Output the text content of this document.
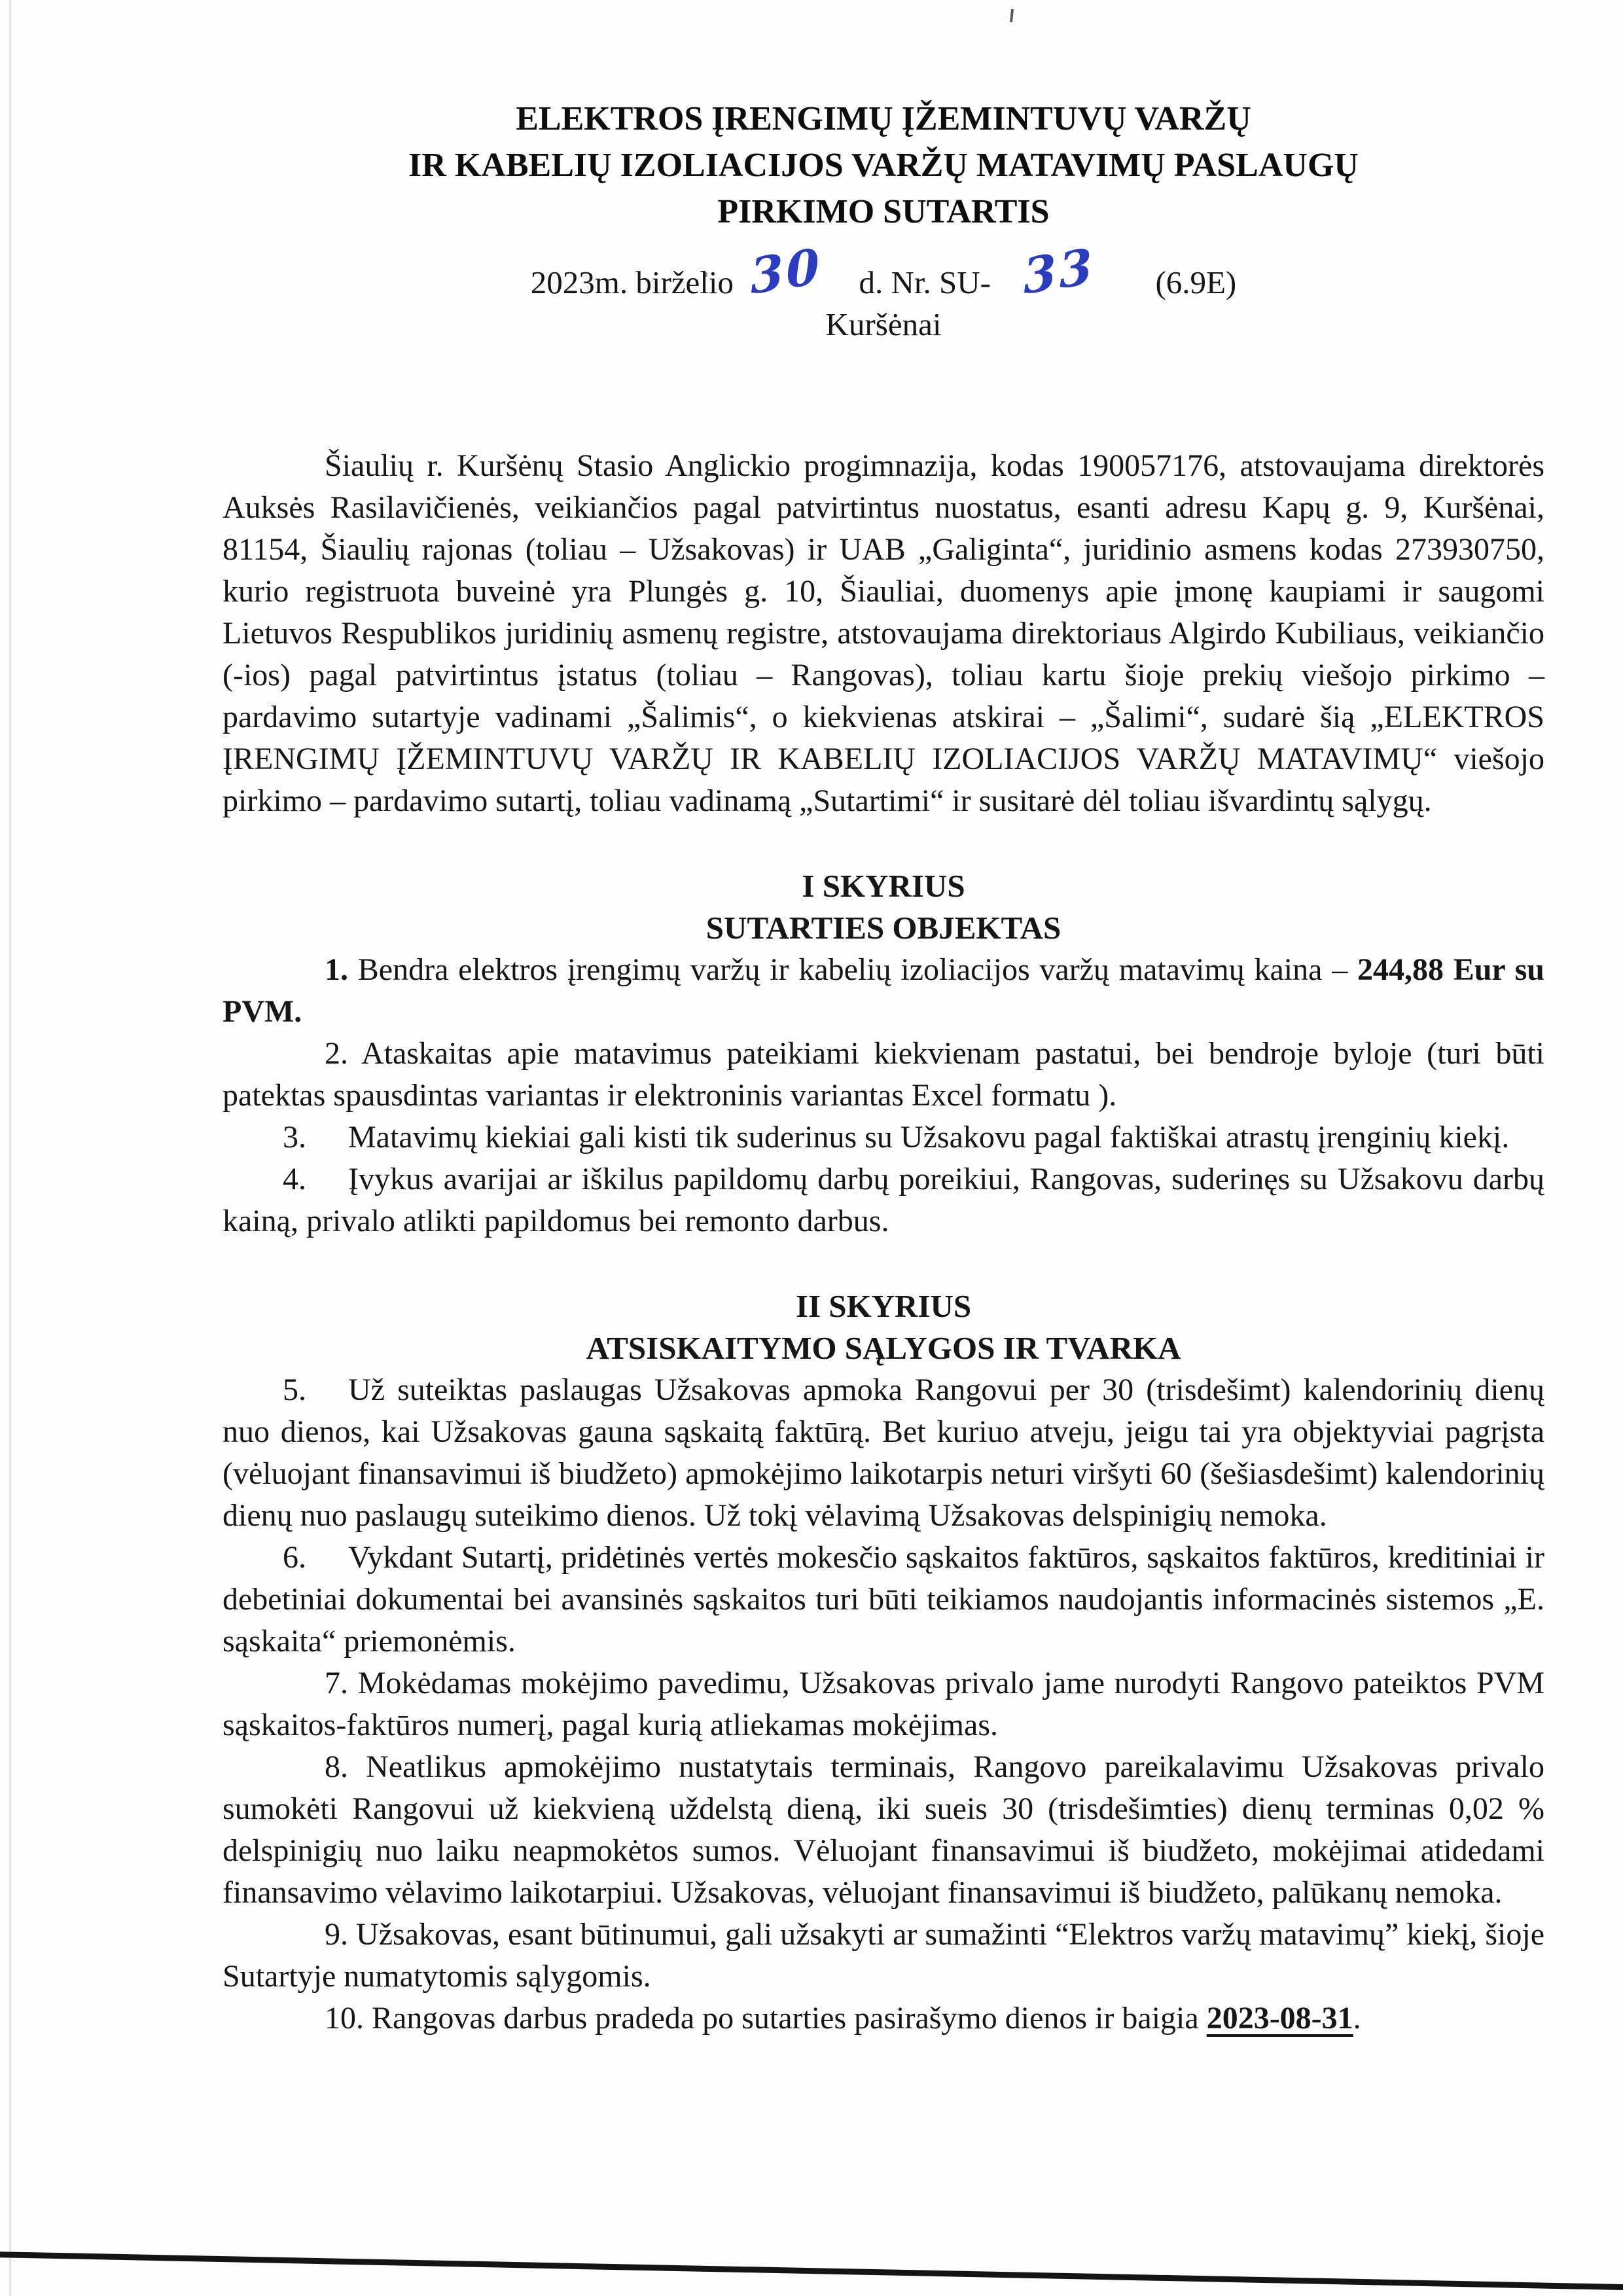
ELEKTROS ĮRENGIMŲ ĮŽEMINTUVŲ VARŽŲ
IR KABELIŲ IZOLIACIJOS VARŽŲ MATAVIMŲ PASLAUGŲ
PIRKIMO SUTARTIS
2023m. birželio 30 d. Nr. SU- 33 (6.9E)
Kuršėnai

Šiaulių r. Kuršėnų Stasio Anglickio progimnazija, kodas 190057176, atstovaujama direktorės Auksės Rasilavičienės, veikiančios pagal patvirtintus nuostatus, esanti adresu Kapų g. 9, Kuršėnai, 81154, Šiaulių rajonas (toliau – Užsakovas) ir UAB „Galiginta“, juridinio asmens kodas 273930750, kurio registruota buveinė yra Plungės g. 10, Šiauliai, duomenys apie įmonę kaupiami ir saugomi Lietuvos Respublikos juridinių asmenų registre, atstovaujama direktoriaus Algirdo Kubiliaus, veikiančio (-ios) pagal patvirtintus įstatus (toliau – Rangovas), toliau kartu šioje prekių viešojo pirkimo – pardavimo sutartyje vadinami „Šalimis“, o kiekvienas atskirai – „Šalimi“, sudarė šią „ELEKTROS ĮRENGIMŲ ĮŽEMINTUVŲ VARŽŲ IR KABELIŲ IZOLIACIJOS VARŽŲ MATAVIMŲ“ viešojo pirkimo – pardavimo sutartį, toliau vadinamą „Sutartimi“ ir susitarė dėl toliau išvardintų sąlygų.

I SKYRIUS
SUTARTIES OBJEKTAS

1. Bendra elektros įrengimų varžų ir kabelių izoliacijos varžų matavimų kaina – 244,88 Eur su PVM.

2. Ataskaitas apie matavimus pateikiami kiekvienam pastatui, bei bendroje byloje (turi būti patektas spausdintas variantas ir elektroninis variantas Excel formatu ).

3. Matavimų kiekiai gali kisti tik suderinus su Užsakovu pagal faktiškai atrastų įrenginių kiekį.

4. Įvykus avarijai ar iškilus papildomų darbų poreikiui, Rangovas, suderinęs su Užsakovu darbų kainą, privalo atlikti papildomus bei remonto darbus.

II SKYRIUS
ATSISKAITYMO SĄLYGOS IR TVARKA

5. Už suteiktas paslaugas Užsakovas apmoka Rangovui per 30 (trisdešimt) kalendorinių dienų nuo dienos, kai Užsakovas gauna sąskaitą faktūrą. Bet kuriuo atveju, jeigu tai yra objektyviai pagrįsta (vėluojant finansavimui iš biudžeto) apmokėjimo laikotarpis neturi viršyti 60 (šešiasdešimt) kalendorinių dienų nuo paslaugų suteikimo dienos. Už tokį vėlavimą Užsakovas delspinigių nemoka.

6. Vykdant Sutartį, pridėtinės vertės mokesčio sąskaitos faktūros, sąskaitos faktūros, kreditiniai ir debetiniai dokumentai bei avansinės sąskaitos turi būti teikiamos naudojantis informacinės sistemos „E. sąskaita“ priemonėmis.

7. Mokėdamas mokėjimo pavedimu, Užsakovas privalo jame nurodyti Rangovo pateiktos PVM sąskaitos-faktūros numerį, pagal kurią atliekamas mokėjimas.

8. Neatlikus apmokėjimo nustatytais terminais, Rangovo pareikalavimu Užsakovas privalo sumokėti Rangovui už kiekvieną uždelstą dieną, iki sueis 30 (trisdešimties) dienų terminas 0,02 % delspinigių nuo laiku neapmokėtos sumos. Vėluojant finansavimui iš biudžeto, mokėjimai atidedami finansavimo vėlavimo laikotarpiui. Užsakovas, vėluojant finansavimui iš biudžeto, palūkanų nemoka.

9. Užsakovas, esant būtinumui, gali užsakyti ar sumažinti “Elektros varžų matavimų” kiekį, šioje Sutartyje numatytomis sąlygomis.

10. Rangovas darbus pradeda po sutarties pasirašymo dienos ir baigia 2023-08-31.
